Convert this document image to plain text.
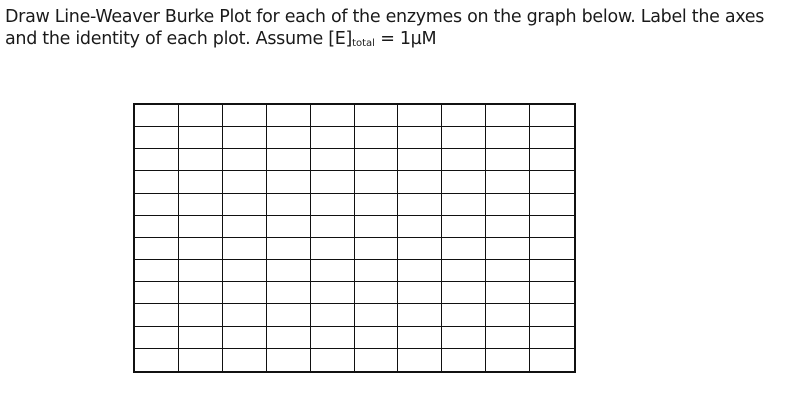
Draw Line-Weaver Burke Plot for each of the enzymes on the graph below. Label the axes
and the identity of each plot. Assume $[E]_{total} = 1\mu M$
